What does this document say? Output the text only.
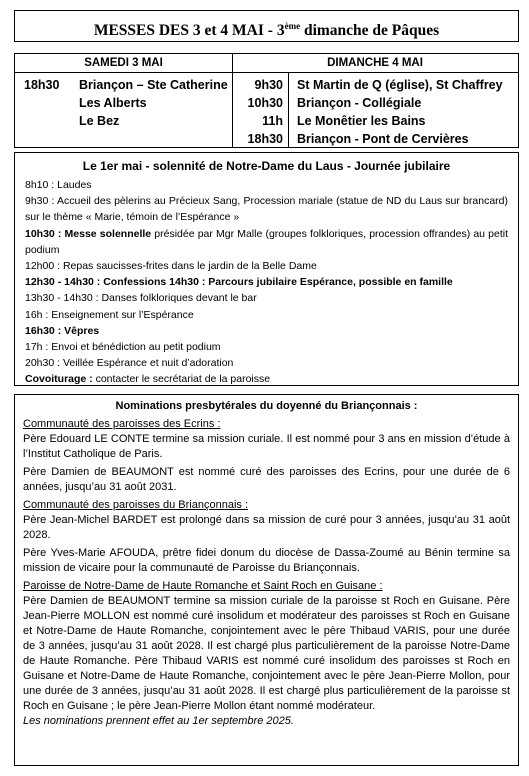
MESSES DES 3 et 4 MAI - 3ème dimanche de Pâques
SAMEDI 3 MAI	DIMANCHE 4 MAI
18h30	Briançon – Ste Catherine
Les Alberts
Le Bez
9h30 St Martin de Q (église), St Chaffrey
10h30 Briançon - Collégiale
11h Le Monêtier les Bains
18h30 Briançon - Pont de Cervières
Le 1er mai - solennité de Notre-Dame du Laus - Journée jubilaire
8h10 : Laudes
9h30 : Accueil des pèlerins au Précieux Sang, Procession mariale (statue de ND du Laus sur brancard) sur le thème « Marie, témoin de l’Espérance »
10h30 : Messe solennelle présidée par Mgr Malle (groupes folkloriques, procession offrandes) au petit podium
12h00 : Repas saucisses-frites dans le jardin de la Belle Dame
12h30 - 14h30 : Confessions 14h30 : Parcours jubilaire Espérance, possible en famille
13h30 - 14h30 : Danses folkloriques devant le bar
16h : Enseignement sur l’Espérance
16h30 : Vêpres
17h : Envoi et bénédiction au petit podium
20h30 : Veillée Espérance et nuit d’adoration
Covoiturage : contacter le secrétariat de la paroisse
Nominations presbytérales du doyenné du Briançonnais :
Communauté des paroisses des Ecrins :
Père Edouard LE CONTE termine sa mission curiale. Il est nommé pour 3 ans en mission d’étude à l’Institut Catholique de Paris.
Père Damien de BEAUMONT est nommé curé des paroisses des Ecrins, pour une durée de 6 années, jusqu’au 31 août 2031.
Communauté des paroisses du Briançonnais :
Père Jean-Michel BARDET est prolongé dans sa mission de curé pour 3 années, jusqu’au 31 août 2028.
Père Yves-Marie AFOUDA, prêtre fidei donum du diocèse de Dassa-Zoumé au Bénin termine sa mission de vicaire pour la communauté de Paroisse du Briançonnais.
Paroisse de Notre-Dame de Haute Romanche et Saint Roch en Guisane :
Père Damien de BEAUMONT termine sa mission curiale de la paroisse st Roch en Guisane. Père Jean-Pierre MOLLON est nommé curé insolidum et modérateur des paroisses st Roch en Guisane et Notre-Dame de Haute Romanche, conjointement avec le père Thibaud VARIS, pour une durée de 3 années, jusqu’au 31 août 2028. Il est chargé plus particulièrement de la paroisse Notre-Dame de Haute Romanche. Père Thibaud VARIS est nommé curé insolidum des paroisses st Roch en Guisane et Notre-Dame de Haute Romanche, conjointement avec le père Jean-Pierre Mollon, pour une durée de 3 années, jusqu’au 31 août 2028. Il est chargé plus particulièrement de la paroisse st Roch en Guisane ; le père Jean-Pierre Mollon étant nommé modérateur.
Les nominations prennent effet au 1er septembre 2025.
